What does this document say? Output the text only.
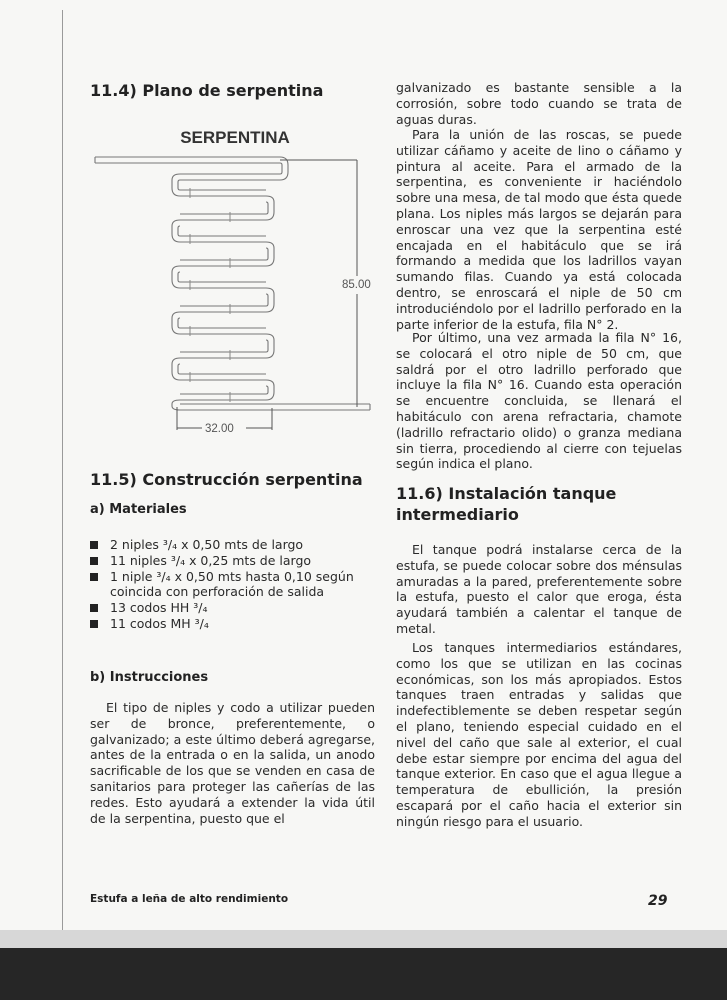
11.4) Plano de serpentina
SERPENTINA
85.00
32.00
11.5) Construcción serpentina
a) Materiales
2 niples ³/₄ x 0,50 mts de largo
11 niples ³/₄ x 0,25 mts de largo
1 niple ³/₄ x 0,50 mts hasta 0,10 según coincida con perforación de salida
13 codos HH ³/₄
11 codos MH ³/₄
b) Instrucciones
El tipo de niples y codo a utilizar pueden ser de bronce, preferentemente, o galvanizado; a este último deberá agregarse, antes de la entrada o en la salida, un anodo sacrificable de los que se venden en casa de sanitarios para proteger las cañerías de las redes. Esto ayudará a extender la vida útil de la serpentina, puesto que el
galvanizado es bastante sensible a la corrosión, sobre todo cuando se trata de aguas duras.
Para la unión de las roscas, se puede utilizar cáñamo y aceite de lino o cáñamo y pintura al aceite. Para el armado de la serpentina, es conveniente ir haciéndolo sobre una mesa, de tal modo que ésta quede plana. Los niples más largos se dejarán para enroscar una vez que la serpentina esté encajada en el habitáculo que se irá formando a medida que los ladrillos vayan sumando filas. Cuando ya está colocada dentro, se enroscará el niple de 50 cm introduciéndolo por el ladrillo perforado en la parte inferior de la estufa, fila N° 2.
Por último, una vez armada la fila N° 16, se colocará el otro niple de 50 cm, que saldrá por el otro ladrillo perforado que incluye la fila N° 16. Cuando esta operación se encuentre concluida, se llenará el habitáculo con arena refractaria, chamote (ladrillo refractario olido) o granza mediana sin tierra, procediendo al cierre con tejuelas según indica el plano.
11.6) Instalación tanque intermediario
El tanque podrá instalarse cerca de la estufa, se puede colocar sobre dos ménsulas amuradas a la pared, preferentemente sobre la estufa, puesto el calor que eroga, ésta ayudará también a calentar el tanque de metal.
Los tanques intermediarios estándares, como los que se utilizan en las cocinas económicas, son los más apropiados. Estos tanques traen entradas y salidas que indefectiblemente se deben respetar según el plano, teniendo especial cuidado en el nivel del caño que sale al exterior, el cual debe estar siempre por encima del agua del tanque exterior. En caso que el agua llegue a temperatura de ebullición, la presión escapará por el caño hacia el exterior sin ningún riesgo para el usuario.
Estufa a leña de alto rendimiento	29
